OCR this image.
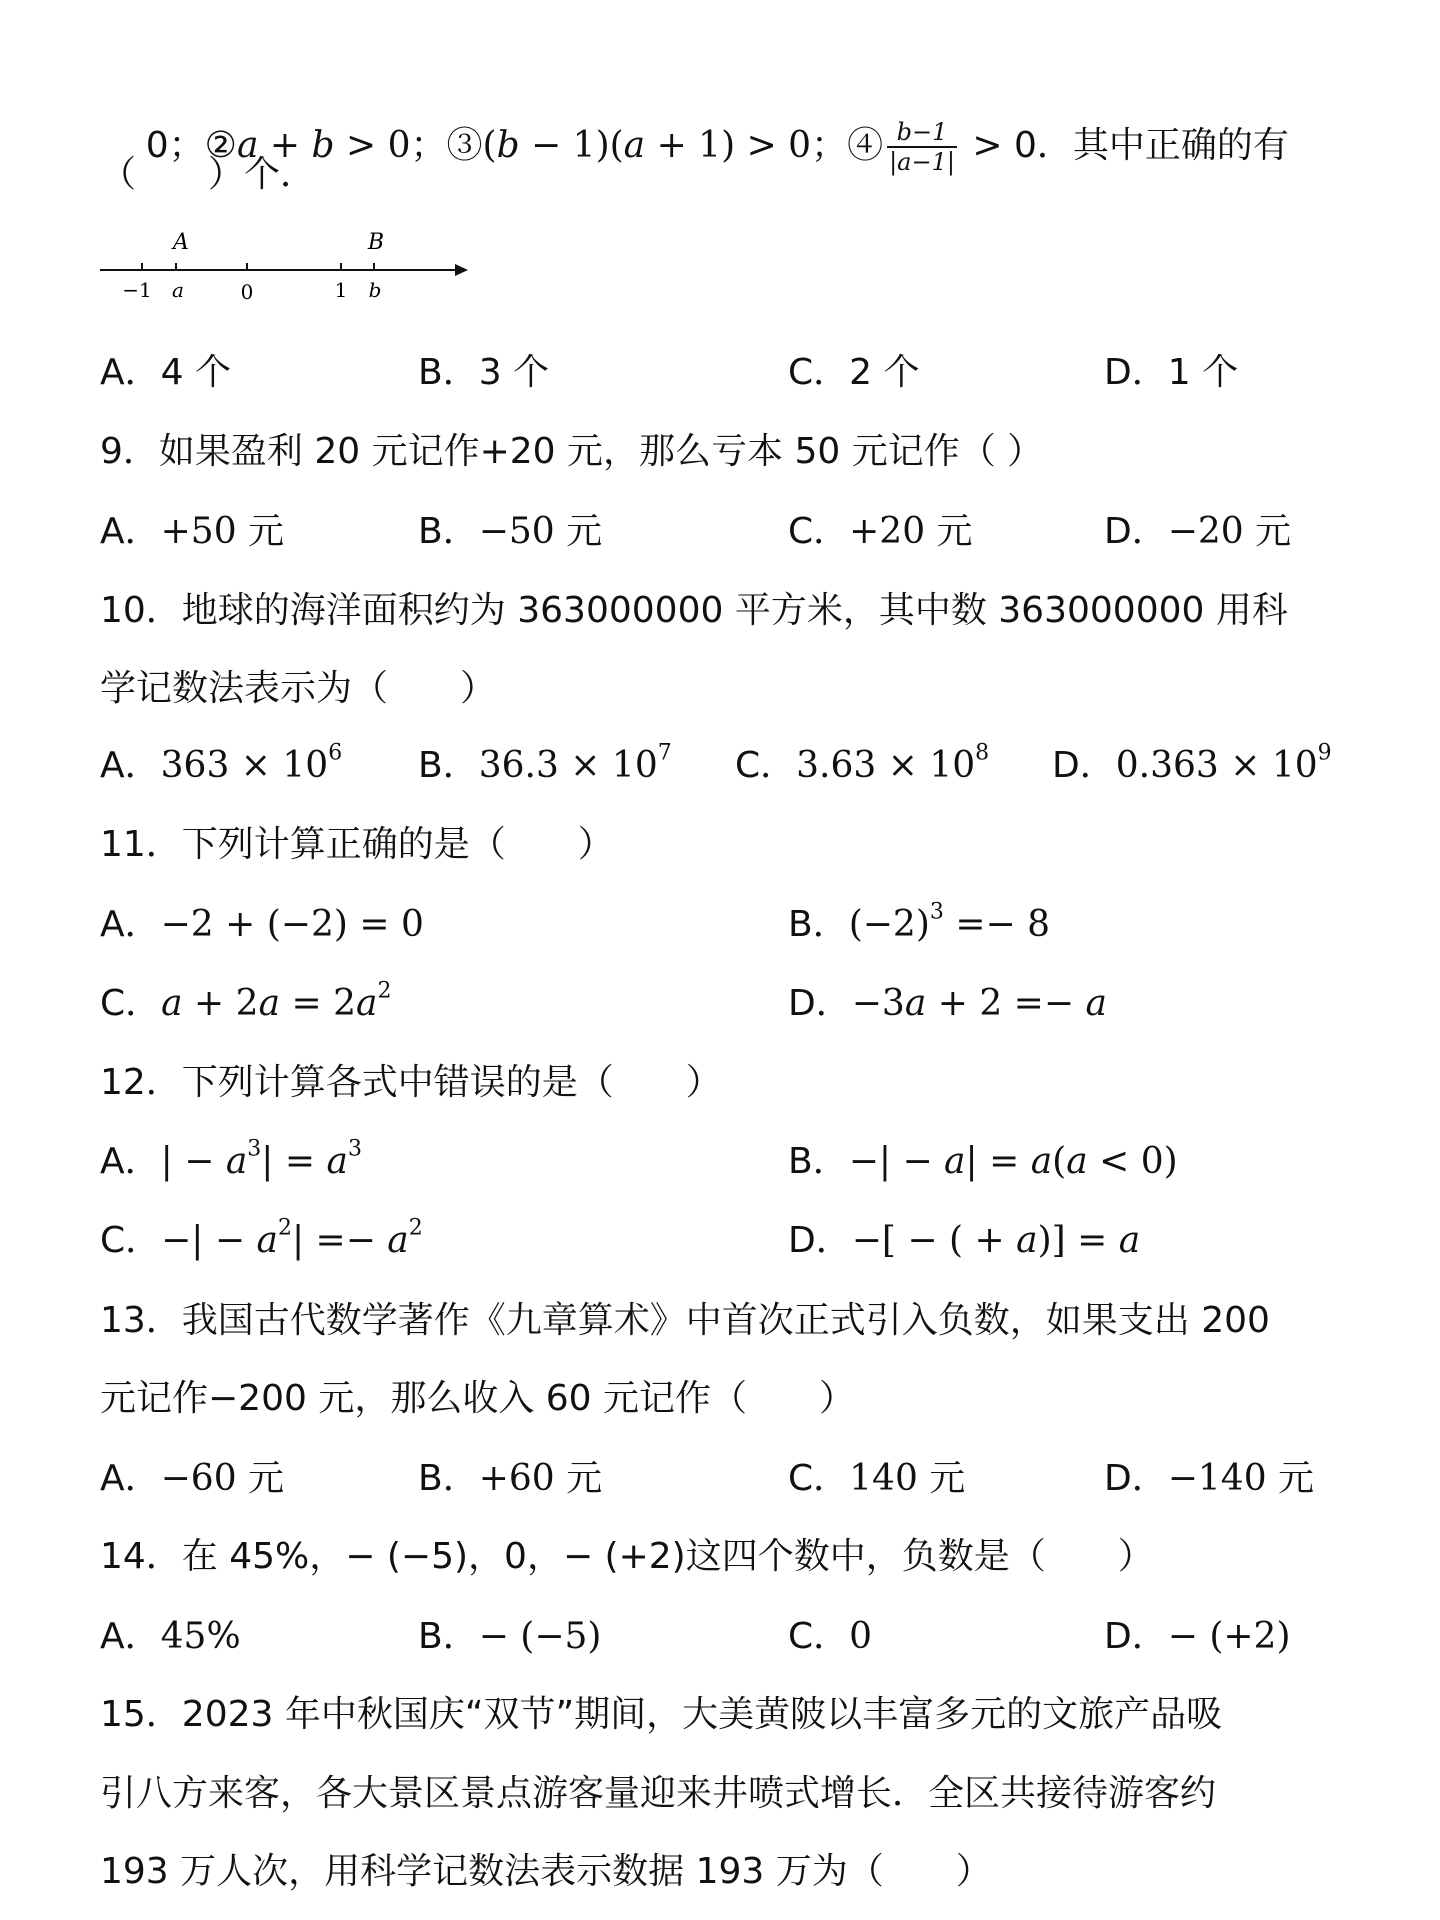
0；②a + b > 0；③(b − 1)(a + 1) > 0；④ $\frac{b-1}{|a-1|} > 0$．其中正确的有

（　　）个．
A	B
−1 a	0	1 b
A．4 个	B．3 个	C．2 个	D．1 个
9．如果盈利 20 元记作+20 元，那么亏本 50 元记作（ ）
A．+50 元	B．−50 元	C．+20 元	D．−20 元
10．地球的海洋面积约为 363000000 平方米，其中数 363000000 用科
学记数法表示为（　　）
A．$363 \times 10^6$ B．$36.3 \times 10^7$ C．$3.63 \times 10^8$ D．$0.363 \times 10^9$
11．下列计算正确的是（　　）
A．−2 + (−2) = 0	B．$(-2)^3 =- 8$
C．$a + 2a = 2a^2$	D．−3a + 2 =− a
12．下列计算各式中错误的是（　　）
A．| − $a^3| = a^3$	B．−| − a| = a(a < 0)
C．−| − $a^2| =- a^2$	D．−[ − ( + a)] = a
13．我国古代数学著作《九章算术》中首次正式引入负数，如果支出 200
元记作−200 元，那么收入 60 元记作（　　）
A．−60 元	B．+60 元	C．140 元	D．−140 元
14．在 45%，− (−5)，0，− (+2)这四个数中，负数是（　　）
A．45%	B．− (−5)	C．0	D．− (+2)
15．2023 年中秋国庆“双节”期间，大美黄陂以丰富多元的文旅产品吸
引八方来客，各大景区景点游客量迎来井喷式增长．全区共接待游客约
193 万人次，用科学记数法表示数据 193 万为（　　）
